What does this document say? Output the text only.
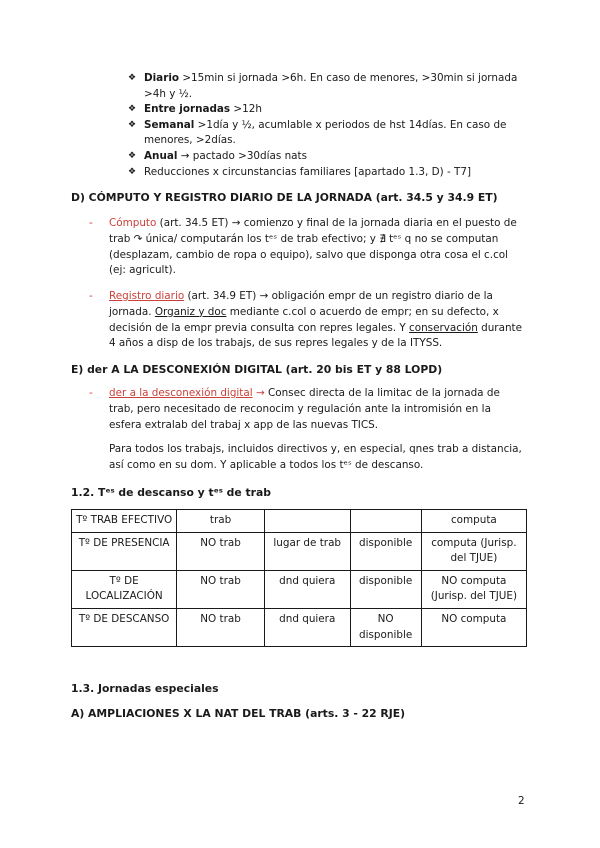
❖ Diario >15min si jornada >6h. En caso de menores, >30min si jornada >4h y ½.
❖ Entre jornadas >12h
❖ Semanal >1día y ½, acumlable x periodos de hst 14días. En caso de menores, >2días.
❖ Anual → pactado >30días nats
❖ Reducciones x circunstancias familiares [apartado 1.3, D) - T7]
D) CÓMPUTO Y REGISTRO DIARIO DE LA JORNADA (art. 34.5 y 34.9 ET)
- Cómputo (art. 34.5 ET) → comienzo y final de la jornada diaria en el puesto de trab ↷ única/ computarán los tᵉˢ de trab efectivo; y ∄ tᵉˢ q no se computan (desplazam, cambio de ropa o equipo), salvo que disponga otra cosa el c.col (ej: agricult).
- Registro diario (art. 34.9 ET) → obligación empr de un registro diario de la jornada. Organiz y doc mediante c.col o acuerdo de empr; en su defecto, x decisión de la empr previa consulta con repres legales. Y conservación durante 4 años a disp de los trabajs, de sus repres legales y de la ITYSS.
E) der A LA DESCONEXIÓN DIGITAL (art. 20 bis ET y 88 LOPD)
- der a la desconexión digital → Consec directa de la limitac de la jornada de trab, pero necesitado de reconocim y regulación ante la intromisión en la esfera extralab del trabaj x app de las nuevas TICS.
Para todos los trabajs, incluidos directivos y, en especial, qnes trab a distancia, así como en su dom. Y aplicable a todos los tᵉˢ de descanso.
1.2. Tᵉˢ de descanso y tᵉˢ de trab
Tº TRAB EFECTIVO	trab			computa
Tº DE PRESENCIA	NO trab	lugar de trab	disponible	computa (Jurisp. del TJUE)
Tº DE LOCALIZACIÓN	NO trab	dnd quiera	disponible	NO computa (Jurisp. del TJUE)
Tº DE DESCANSO	NO trab	dnd quiera	NO disponible	NO computa
1.3. Jornadas especiales
A) AMPLIACIONES X LA NAT DEL TRAB (arts. 3 - 22 RJE)
2
